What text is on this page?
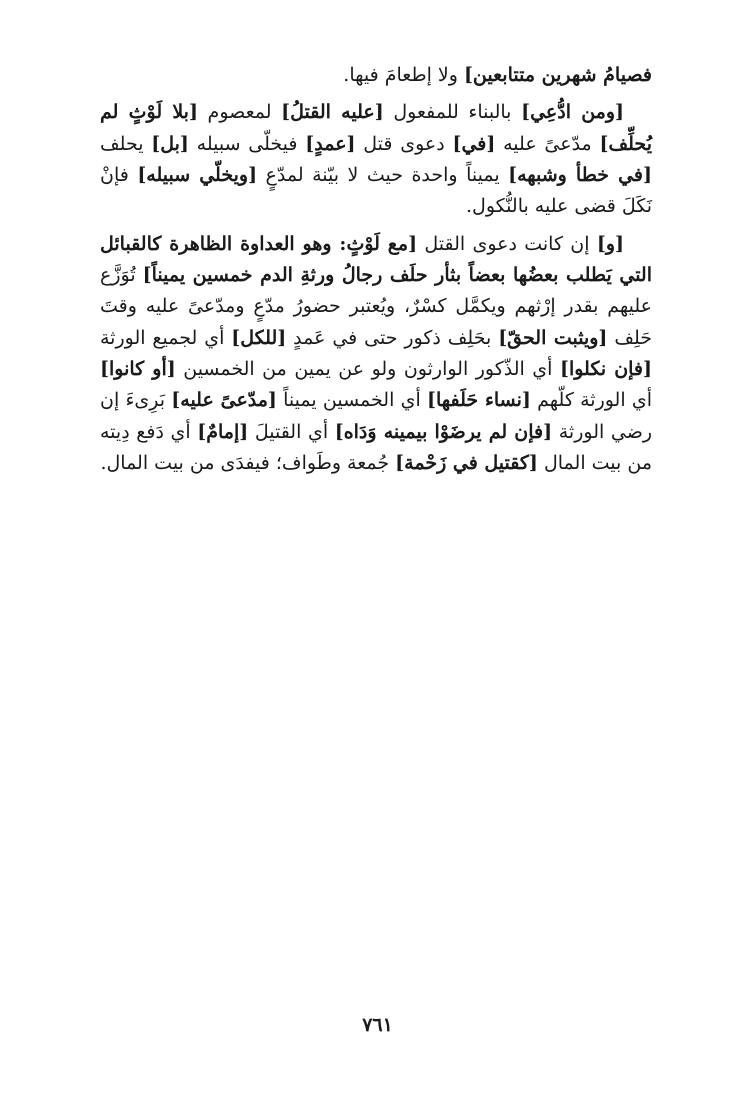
فصيامُ شهرين متتابعين] ولا إطعامَ فيها.

[ومن ادُّعِي] بالبناء للمفعول [عليه القتلُ] لمعصوم [بلا لَوْثٍ لم يُحلِّف] مدّعىً عليه [في] دعوى قتل [عمدٍ] فيخلّى سبيله [بل] يحلف [في خطأ وشبهه] يميناً واحدة حيث لا بيّنة لمدّعٍ [ويخلّي سبيله] فإنْ نَكَلَ قضى عليه بالنُّكول.

[و] إن كانت دعوى القتل [مع لَوْثٍ: وهو العداوة الظاهرة كالقبائل التي يَطلب بعضُها بعضاً بثأر حلَف رجالُ ورثةِ الدم خمسين يميناً] تُوَزَّع عليهم بقدر إرْثهم ويكمَّل كسْرٌ، ويُعتبر حضورُ مدّعٍ ومدّعىً عليه وقتَ حَلِف [ويثبت الحقّ] بحَلِف ذكور حتى في عَمدٍ [للكل] أي لجميع الورثة [فإن نكلوا] أي الذّكور الوارثون ولو عن يمين من الخمسين [أو كانوا] أي الورثة كلّهم [نساء حَلَفها] أي الخمسين يميناً [مدّعىً عليه] بَرِىءَ إن رضي الورثة [فإن لم يرضَوْا بيمينه وَدَاه] أي القتيلَ [إمامٌ] أي دَفع دِيته من بيت المال [كقتيل في زَحْمة] جُمعة وطَواف؛ فيفدَى من بيت المال.

٧٦١
